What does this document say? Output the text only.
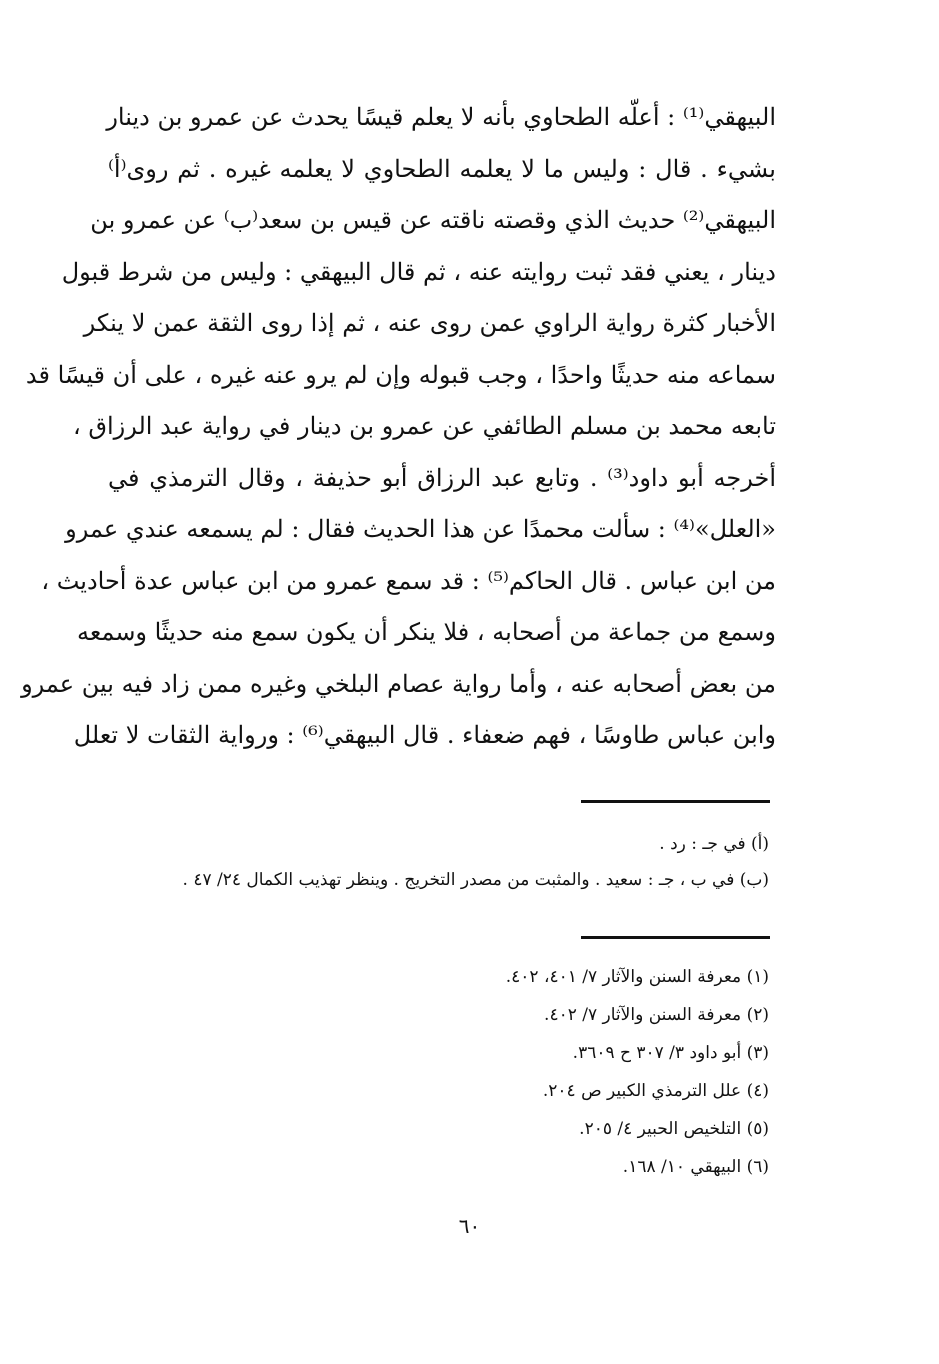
البيهقي⁽¹⁾ : أعلّه الطحاوي بأنه لا يعلم قيسًا يحدث عن عمرو بن دينار
بشيء . قال : وليس ما لا يعلمه الطحاوي لا يعلمه غيره . ثم روى⁽أ⁾
البيهقي⁽²⁾ حديث الذي وقصته ناقته عن قيس بن سعد⁽ب⁾ عن عمرو بن
دينار ، يعني فقد ثبت روايته عنه ، ثم قال البيهقي : وليس من شرط قبول
الأخبار كثرة رواية الراوي عمن روى عنه ، ثم إذا روى الثقة عمن لا ينكر
سماعه منه حديثًا واحدًا ، وجب قبوله وإن لم يرو عنه غيره ، على أن قيسًا قد
تابعه محمد بن مسلم الطائفي عن عمرو بن دينار في رواية عبد الرزاق ،
أخرجه أبو داود⁽³⁾ . وتابع عبد الرزاق أبو حذيفة ، وقال الترمذي في
«العلل»⁽⁴⁾ : سألت محمدًا عن هذا الحديث فقال : لم يسمعه عندي عمرو
من ابن عباس . قال الحاكم⁽⁵⁾ : قد سمع عمرو من ابن عباس عدة أحاديث ،
وسمع من جماعة من أصحابه ، فلا ينكر أن يكون سمع منه حديثًا وسمعه
من بعض أصحابه عنه ، وأما رواية عصام البلخي وغيره ممن زاد فيه بين عمرو
وابن عباس طاوسًا ، فهم ضعفاء . قال البيهقي⁽⁶⁾ : ورواية الثقات لا تعلل
(أ) في جـ : رد .
(ب) في ب ، جـ : سعيد . والمثبت من مصدر التخريج . وينظر تهذيب الكمال ٢٤/ ٤٧ .
(١) معرفة السنن والآثار ٧/ ٤٠١، ٤٠٢.
(٢) معرفة السنن والآثار ٧/ ٤٠٢.
(٣) أبو داود ٣/ ٣٠٧ ح ٣٦٠٩.
(٤) علل الترمذي الكبير ص ٢٠٤.
(٥) التلخيص الحبير ٤/ ٢٠٥.
(٦) البيهقي ١٠/ ١٦٨.
٦٠
